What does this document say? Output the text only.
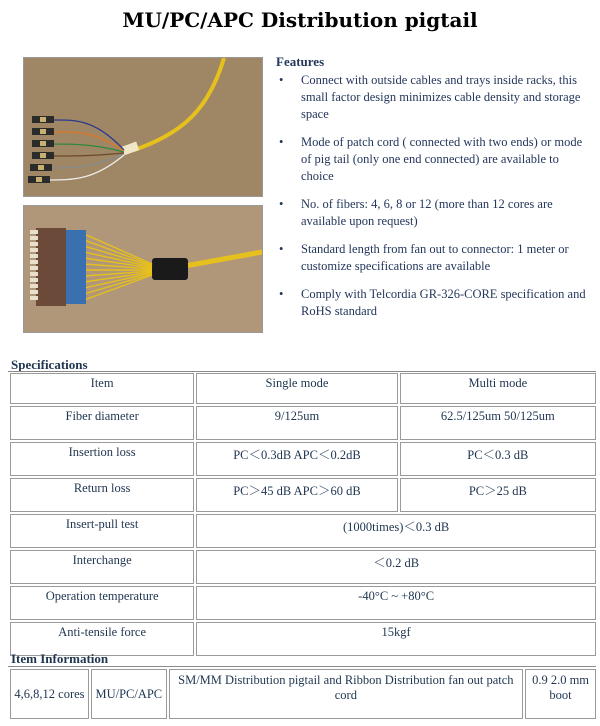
MU/PC/APC Distribution pigtail
Features
• Connect with outside cables and trays inside racks, this small factor design minimizes cable density and storage space
• Mode of patch cord ( connected with two ends) or mode of pig tail (only one end connected) are available to choice
• No. of fibers: 4, 6, 8 or 12 (more than 12 cores are available upon request)
• Standard length from fan out to connector: 1 meter or customize specifications are available
• Comply with Telcordia GR-326-CORE specification and RoHS standard
Specifications
Item	Single mode	Multi mode
Fiber diameter	9/125um	62.5/125um 50/125um
Insertion loss	PC＜0.3dB APC＜0.2dB	PC＜0.3 dB
Return loss	PC＞45 dB APC＞60 dB	PC＞25 dB
Insert-pull test	(1000times)＜0.3 dB	
Interchange	＜0.2 dB	
Operation temperature	-40°C ~ +80°C	
Anti-tensile force	15kgf	
Item Information
4,6,8,12 cores	MU/PC/APC	SM/MM Distribution pigtail and Ribbon Distribution fan out patch cord	0.9 2.0 mm boot
